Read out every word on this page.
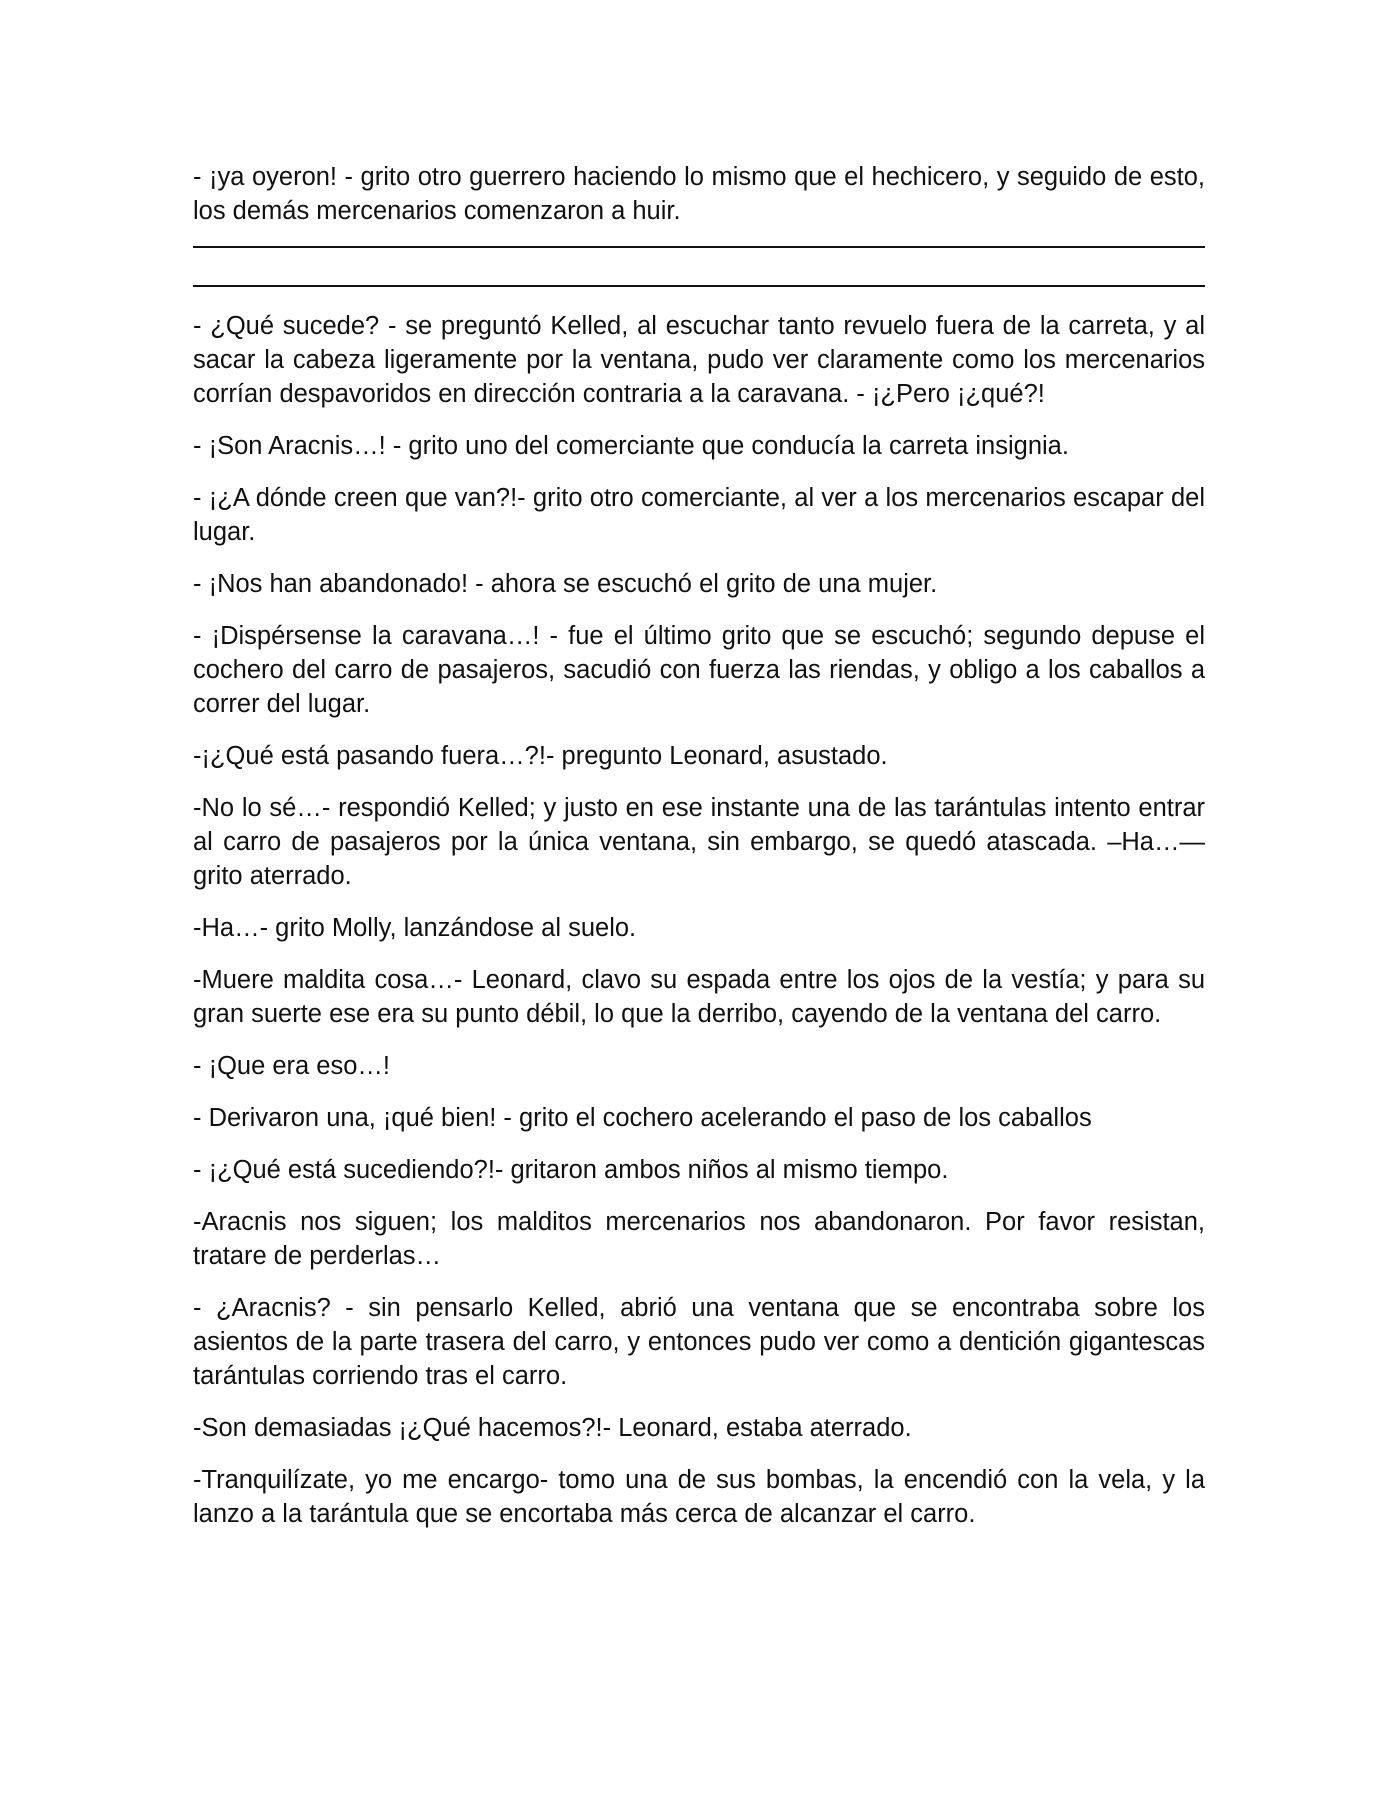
- ¡ya oyeron! - grito otro guerrero haciendo lo mismo que el hechicero, y seguido de esto, los demás mercenarios comenzaron a huir.

- ¿Qué sucede? - se preguntó Kelled, al escuchar tanto revuelo fuera de la carreta, y al sacar la cabeza ligeramente por la ventana, pudo ver claramente como los mercenarios corrían despavoridos en dirección contraria a la caravana. - ¡¿Pero ¡¿qué?!

- ¡Son Aracnis…! - grito uno del comerciante que conducía la carreta insignia.

- ¡¿A dónde creen que van?!- grito otro comerciante, al ver a los mercenarios escapar del lugar.

- ¡Nos han abandonado! - ahora se escuchó el grito de una mujer.

- ¡Dispérsense la caravana…! - fue el último grito que se escuchó; segundo depuse el cochero del carro de pasajeros, sacudió con fuerza las riendas, y obligo a los caballos a correr del lugar.

-¡¿Qué está pasando fuera…?!- pregunto Leonard, asustado.

-No lo sé…- respondió Kelled; y justo en ese instante una de las tarántulas intento entrar al carro de pasajeros por la única ventana, sin embargo, se quedó atascada. –Ha…—grito aterrado.

-Ha…- grito Molly, lanzándose al suelo.

-Muere maldita cosa…- Leonard, clavo su espada entre los ojos de la vestía; y para su gran suerte ese era su punto débil, lo que la derribo, cayendo de la ventana del carro.

- ¡Que era eso…!

- Derivaron una, ¡qué bien! - grito el cochero acelerando el paso de los caballos

- ¡¿Qué está sucediendo?!- gritaron ambos niños al mismo tiempo.

-Aracnis nos siguen; los malditos mercenarios nos abandonaron. Por favor resistan, tratare de perderlas…

- ¿Aracnis? - sin pensarlo Kelled, abrió una ventana que se encontraba sobre los asientos de la parte trasera del carro, y entonces pudo ver como a dentición gigantescas tarántulas corriendo tras el carro.

-Son demasiadas ¡¿Qué hacemos?!- Leonard, estaba aterrado.

-Tranquilízate, yo me encargo- tomo una de sus bombas, la encendió con la vela, y la lanzo a la tarántula que se encortaba más cerca de alcanzar el carro.
